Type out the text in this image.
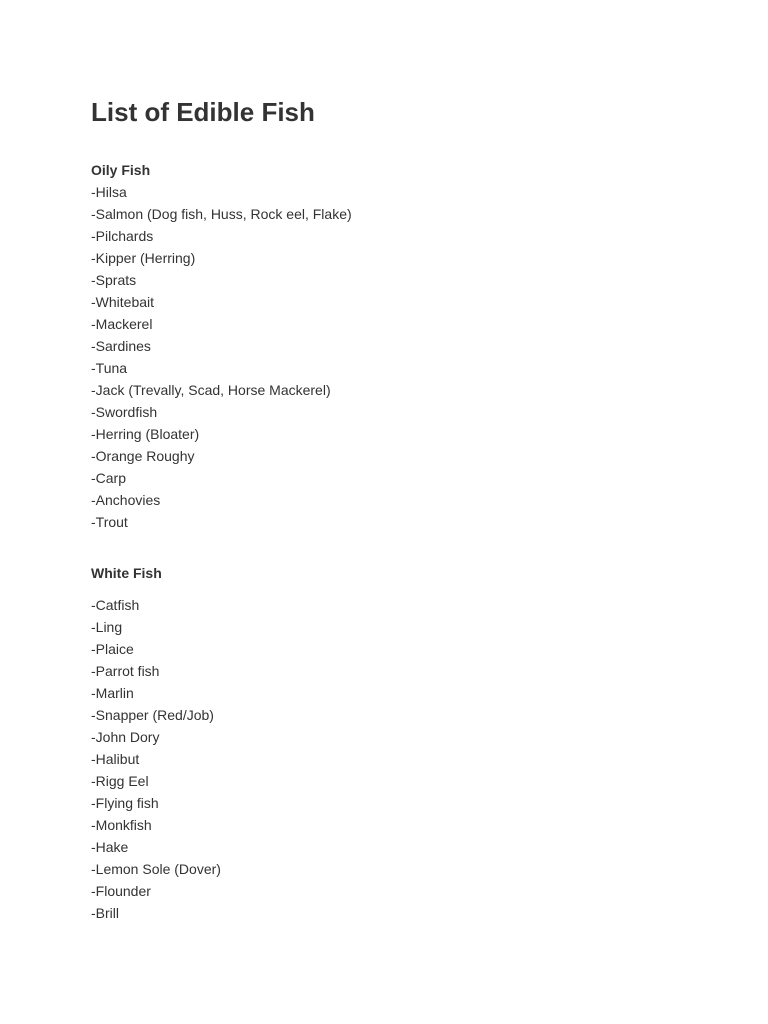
List of Edible Fish
Oily Fish
-Hilsa
-Salmon (Dog fish, Huss, Rock eel, Flake)
-Pilchards
-Kipper (Herring)
-Sprats
-Whitebait
-Mackerel
-Sardines
-Tuna
-Jack (Trevally, Scad, Horse Mackerel)
-Swordfish
-Herring (Bloater)
-Orange Roughy
-Carp
-Anchovies
-Trout
White Fish
-Catfish
-Ling
-Plaice
-Parrot fish
-Marlin
-Snapper (Red/Job)
-John Dory
-Halibut
-Rigg Eel
-Flying fish
-Monkfish
-Hake
-Lemon Sole (Dover)
-Flounder
-Brill
